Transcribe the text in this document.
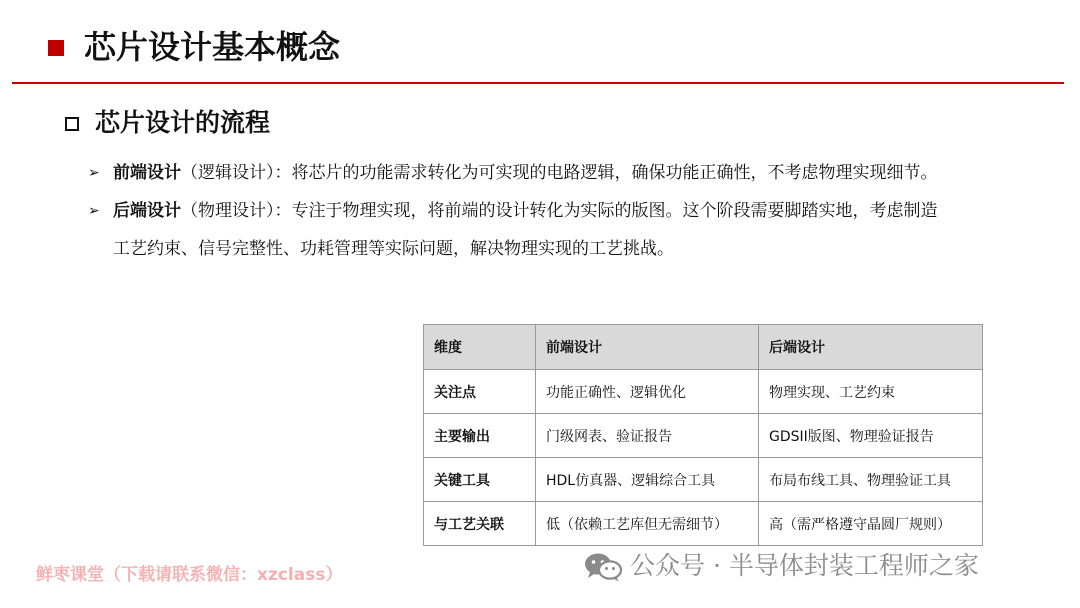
芯片设计基本概念
芯片设计的流程
➢ 前端设计（逻辑设计）：将芯片的功能需求转化为可实现的电路逻辑，确保功能正确性，不考虑物理实现细节。
➢ 后端设计（物理设计）：专注于物理实现，将前端的设计转化为实际的版图。这个阶段需要脚踏实地，考虑制造
工艺约束、信号完整性、功耗管理等实际问题，解决物理实现的工艺挑战。
维度	前端设计	后端设计
关注点	功能正确性、逻辑优化	物理实现、工艺约束
主要输出	门级网表、验证报告	GDSII版图、物理验证报告
关键工具	HDL仿真器、逻辑综合工具	布局布线工具、物理验证工具
与工艺关联	低（依赖工艺库但无需细节）	高（需严格遵守晶圆厂规则）
鲜枣课堂（下载请联系微信：xzclass）	公众号 · 半导体封装工程师之家
